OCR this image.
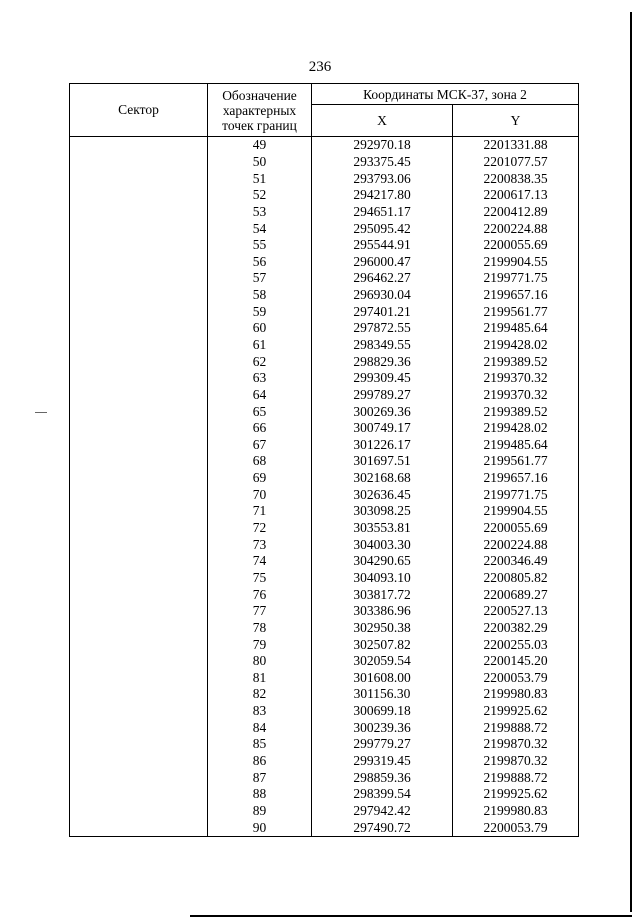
236
Сектор	Обозначение
характерных
точек границ	Координаты МСК-37, зона 2	
		X	Y
	49	292970.18	2201331.88
	50	293375.45	2201077.57
	51	293793.06	2200838.35
	52	294217.80	2200617.13
	53	294651.17	2200412.89
	54	295095.42	2200224.88
	55	295544.91	2200055.69
	56	296000.47	2199904.55
	57	296462.27	2199771.75
	58	296930.04	2199657.16
	59	297401.21	2199561.77
	60	297872.55	2199485.64
	61	298349.55	2199428.02
	62	298829.36	2199389.52
	63	299309.45	2199370.32
	64	299789.27	2199370.32
	65	300269.36	2199389.52
	66	300749.17	2199428.02
	67	301226.17	2199485.64
	68	301697.51	2199561.77
	69	302168.68	2199657.16
	70	302636.45	2199771.75
	71	303098.25	2199904.55
	72	303553.81	2200055.69
	73	304003.30	2200224.88
	74	304290.65	2200346.49
	75	304093.10	2200805.82
	76	303817.72	2200689.27
	77	303386.96	2200527.13
	78	302950.38	2200382.29
	79	302507.82	2200255.03
	80	302059.54	2200145.20
	81	301608.00	2200053.79
	82	301156.30	2199980.83
	83	300699.18	2199925.62
	84	300239.36	2199888.72
	85	299779.27	2199870.32
	86	299319.45	2199870.32
	87	298859.36	2199888.72
	88	298399.54	2199925.62
	89	297942.42	2199980.83
	90	297490.72	2200053.79
